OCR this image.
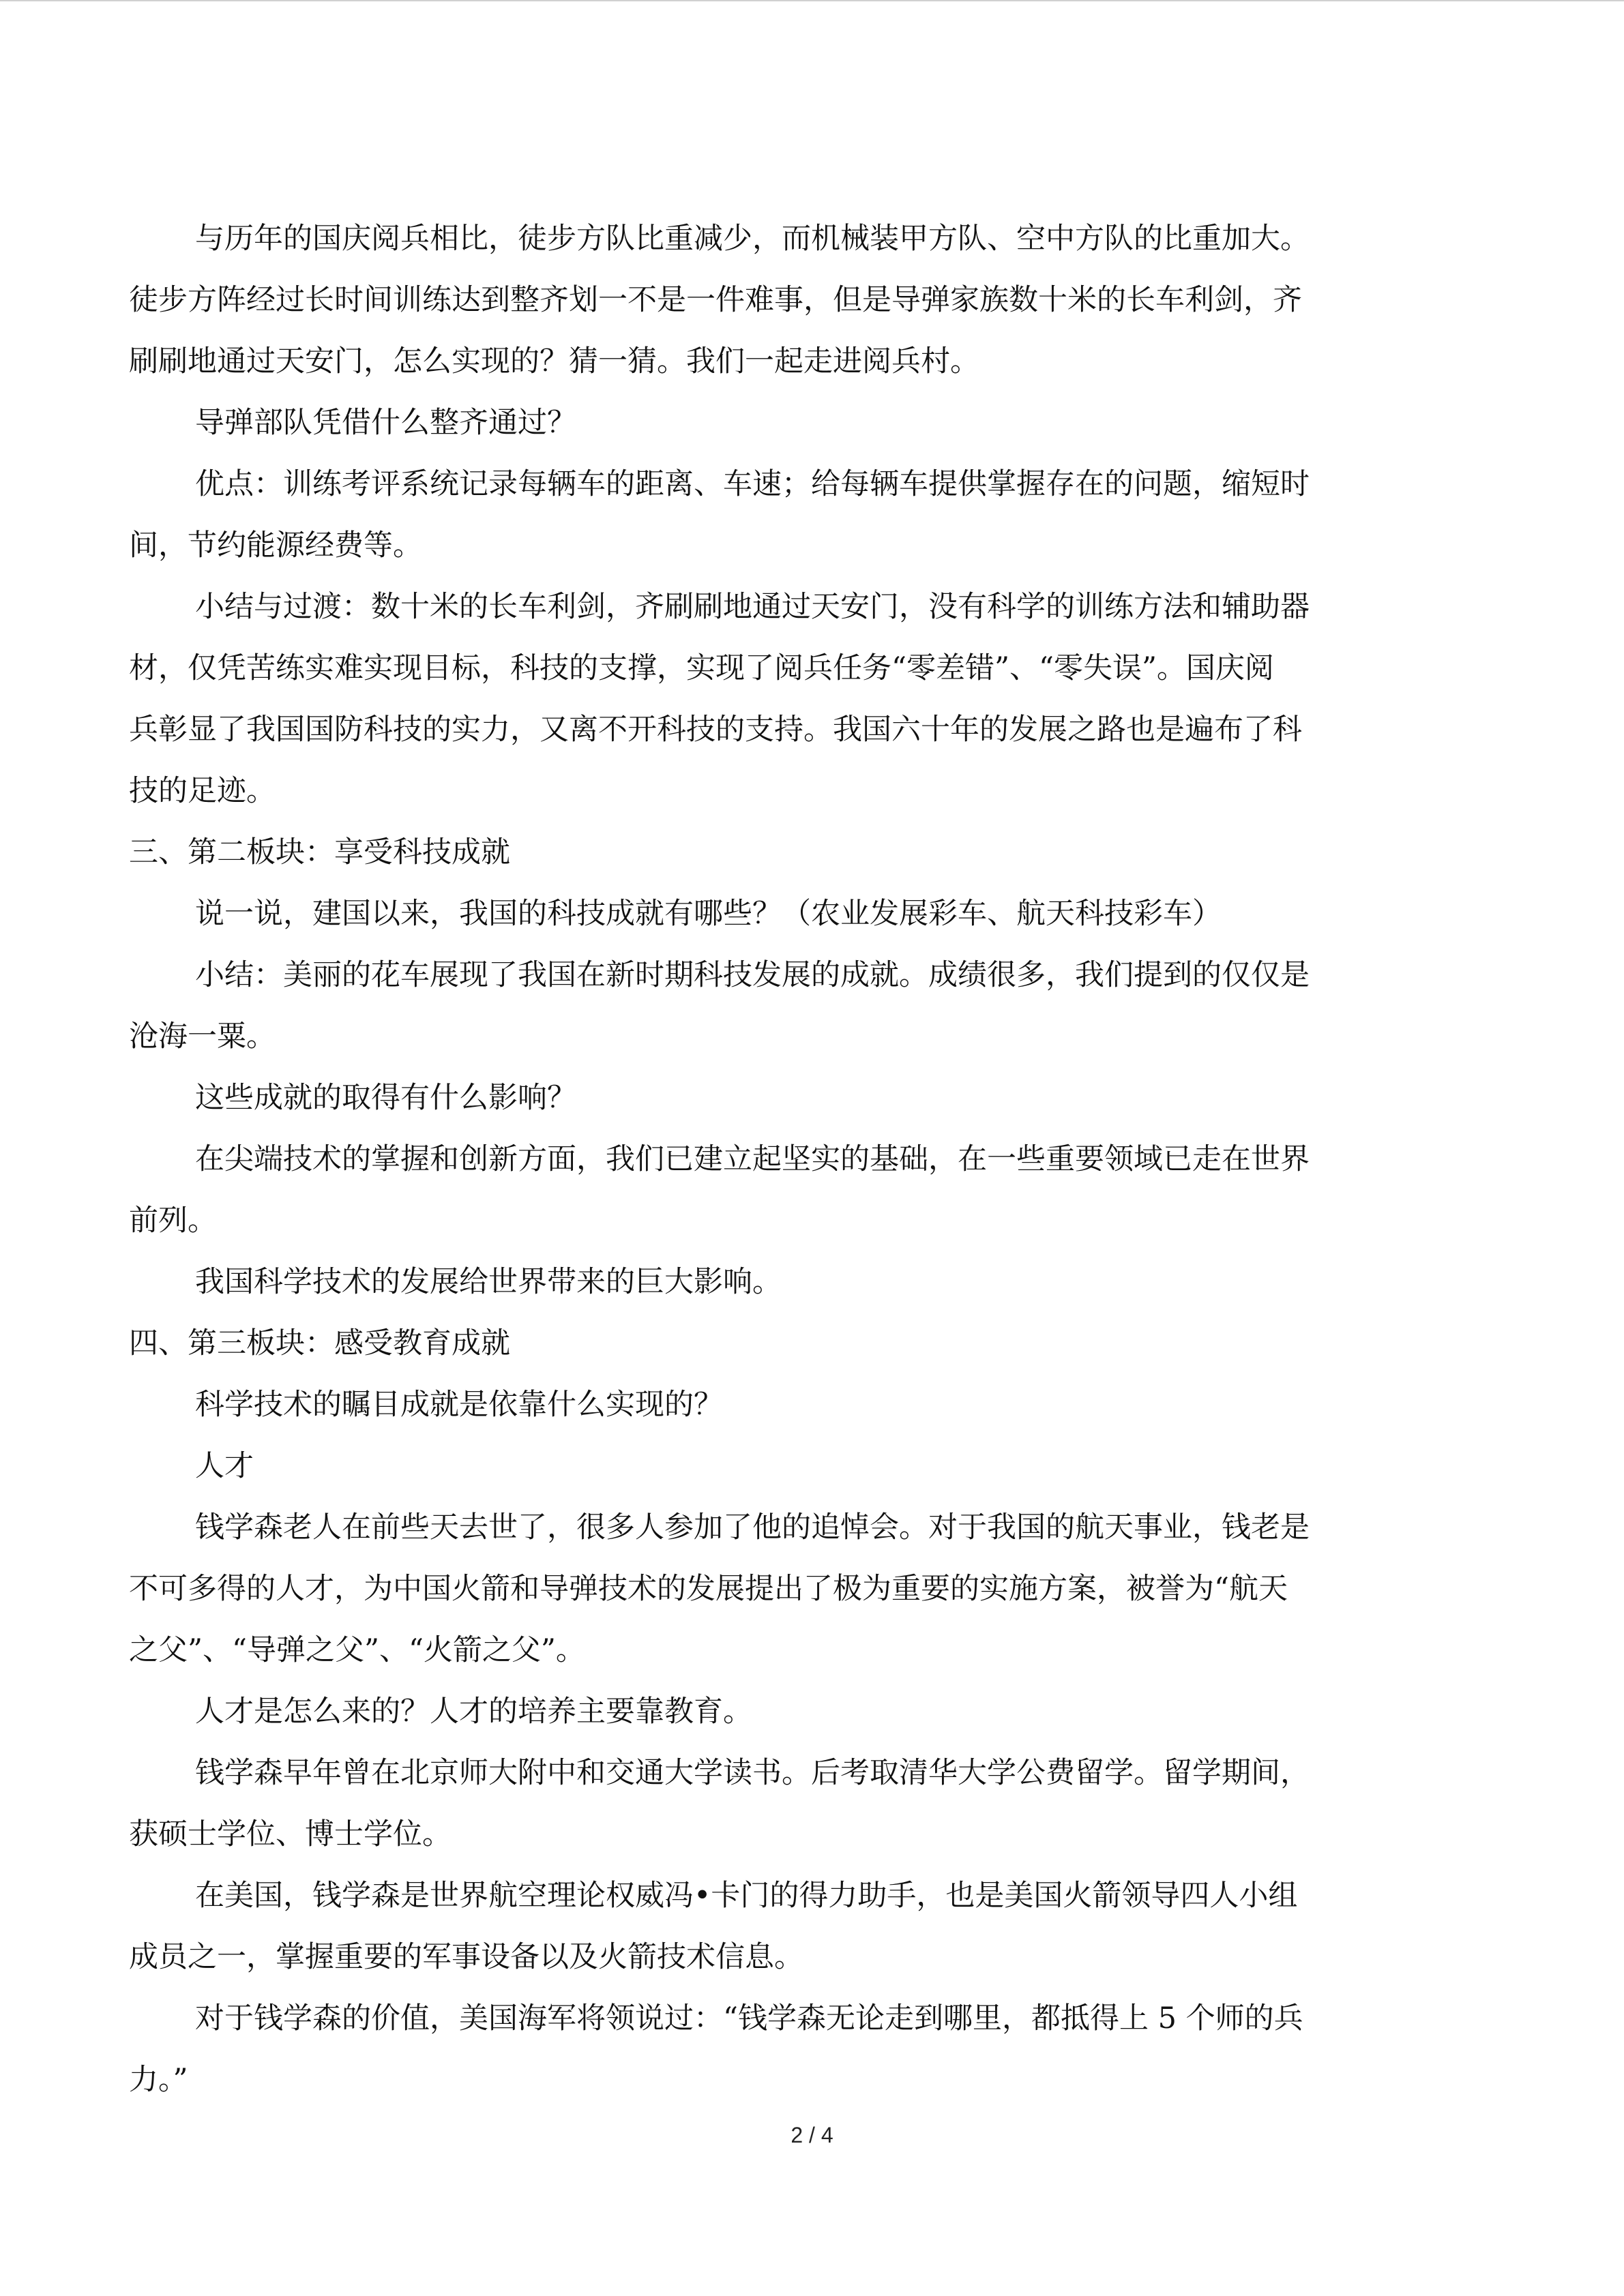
与历年的国庆阅兵相比，徒步方队比重减少，而机械装甲方队、空中方队的比重加大。
徒步方阵经过长时间训练达到整齐划一不是一件难事，但是导弹家族数十米的长车利剑，齐
刷刷地通过天安门，怎么实现的？猜一猜。我们一起走进阅兵村。
导弹部队凭借什么整齐通过？
优点：训练考评系统记录每辆车的距离、车速；给每辆车提供掌握存在的问题，缩短时
间，节约能源经费等。
小结与过渡：数十米的长车利剑，齐刷刷地通过天安门，没有科学的训练方法和辅助器
材，仅凭苦练实难实现目标，科技的支撑，实现了阅兵任务“零差错”、“零失误”。国庆阅
兵彰显了我国国防科技的实力，又离不开科技的支持。我国六十年的发展之路也是遍布了科
技的足迹。
三、第二板块：享受科技成就
说一说，建国以来，我国的科技成就有哪些？（农业发展彩车、航天科技彩车）
小结：美丽的花车展现了我国在新时期科技发展的成就。成绩很多，我们提到的仅仅是
沧海一粟。
这些成就的取得有什么影响？
在尖端技术的掌握和创新方面，我们已建立起坚实的基础，在一些重要领域已走在世界
前列。
我国科学技术的发展给世界带来的巨大影响。
四、第三板块：感受教育成就
科学技术的瞩目成就是依靠什么实现的？
人才
钱学森老人在前些天去世了，很多人参加了他的追悼会。对于我国的航天事业，钱老是
不可多得的人才，为中国火箭和导弹技术的发展提出了极为重要的实施方案，被誉为“航天
之父”、“导弹之父”、“火箭之父”。
人才是怎么来的？人才的培养主要靠教育。
钱学森早年曾在北京师大附中和交通大学读书。后考取清华大学公费留学。留学期间，
获硕士学位、博士学位。
在美国，钱学森是世界航空理论权威冯•卡门的得力助手，也是美国火箭领导四人小组
成员之一，掌握重要的军事设备以及火箭技术信息。
对于钱学森的价值，美国海军将领说过：“钱学森无论走到哪里，都抵得上 5 个师的兵
力。”
2 / 4
